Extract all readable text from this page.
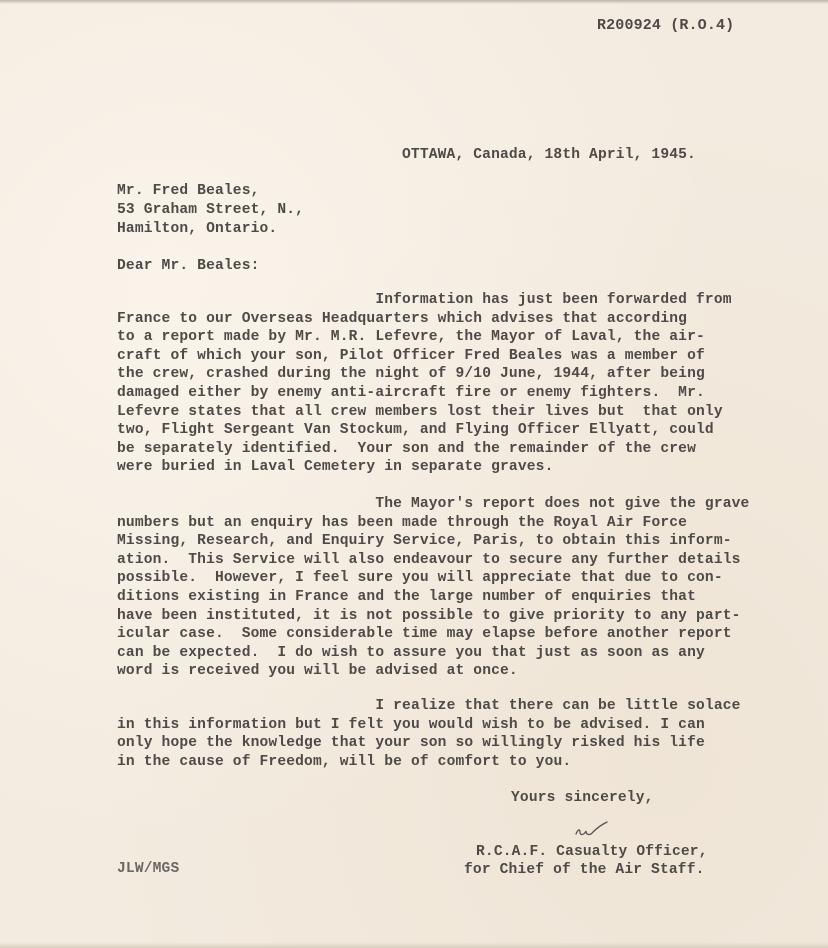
R200924 (R.O.4)
OTTAWA, Canada, 18th April, 1945.
Mr. Fred Beales,
53 Graham Street, N.,
Hamilton, Ontario.
Dear Mr. Beales:
Information has just been forwarded from
France to our Overseas Headquarters which advises that according
to a report made by Mr. M.R. Lefevre, the Mayor of Laval, the air-
craft of which your son, Pilot Officer Fred Beales was a member of
the crew, crashed during the night of 9/10 June, 1944, after being
damaged either by enemy anti-aircraft fire or enemy fighters.  Mr.
Lefevre states that all crew members lost their lives but  that only
two, Flight Sergeant Van Stockum, and Flying Officer Ellyatt, could
be separately identified.  Your son and the remainder of the crew
were buried in Laval Cemetery in separate graves.
The Mayor's report does not give the grave
numbers but an enquiry has been made through the Royal Air Force
Missing, Research, and Enquiry Service, Paris, to obtain this inform-
ation.  This Service will also endeavour to secure any further details
possible.  However, I feel sure you will appreciate that due to con-
ditions existing in France and the large number of enquiries that
have been instituted, it is not possible to give priority to any part-
icular case.  Some considerable time may elapse before another report
can be expected.  I do wish to assure you that just as soon as any
word is received you will be advised at once.
I realize that there can be little solace
in this information but I felt you would wish to be advised. I can
only hope the knowledge that your son so willingly risked his life
in the cause of Freedom, will be of comfort to you.
Yours sincerely,
R.C.A.F. Casualty Officer,
for Chief of the Air Staff.
JLW/MGS
